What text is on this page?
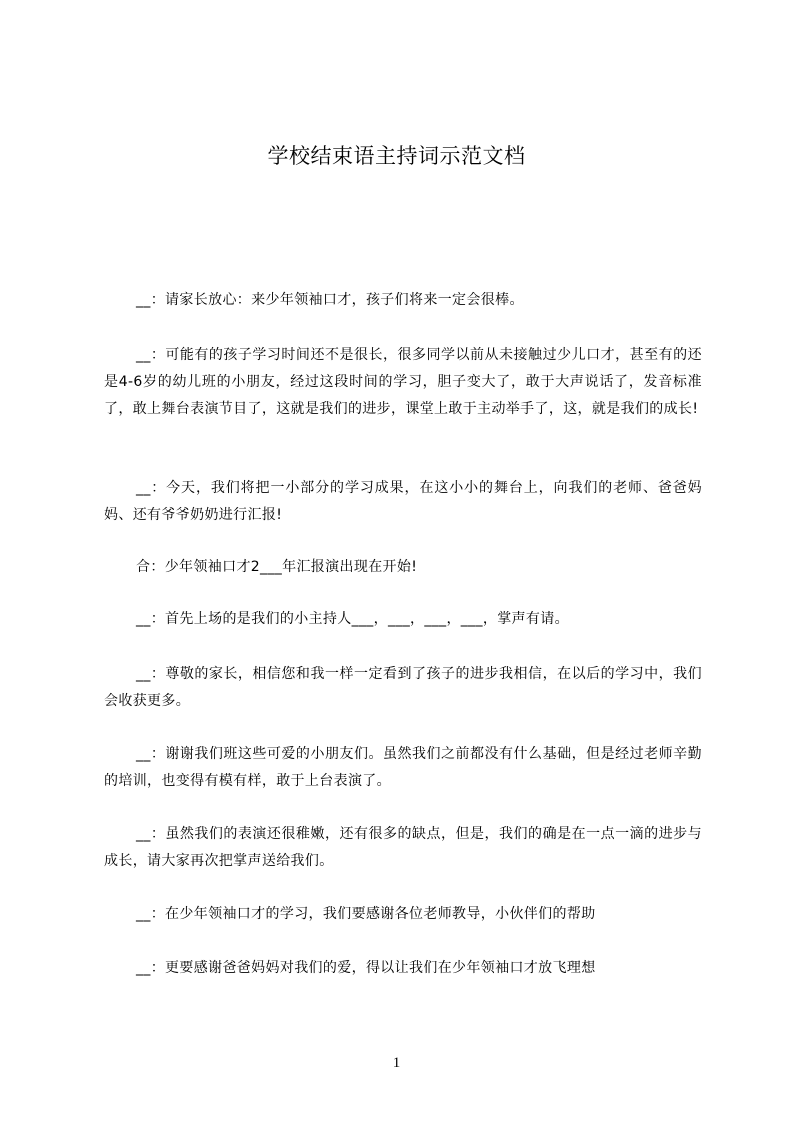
学校结束语主持词示范文档

__：请家长放心：来少年领袖口才，孩子们将来一定会很棒。

__：可能有的孩子学习时间还不是很长，很多同学以前从未接触过少儿口才，甚至有的还是4-6岁的幼儿班的小朋友，经过这段时间的学习，胆子变大了，敢于大声说话了，发音标准了，敢上舞台表演节目了，这就是我们的进步，课堂上敢于主动举手了，这，就是我们的成长!

__：今天，我们将把一小部分的学习成果，在这小小的舞台上，向我们的老师、爸爸妈妈、还有爷爷奶奶进行汇报!

合：少年领袖口才2___年汇报演出现在开始!

__：首先上场的是我们的小主持人___，___，___，___，掌声有请。

__：尊敬的家长，相信您和我一样一定看到了孩子的进步我相信，在以后的学习中，我们会收获更多。

__：谢谢我们班这些可爱的小朋友们。虽然我们之前都没有什么基础，但是经过老师辛勤的培训，也变得有模有样，敢于上台表演了。

__：虽然我们的表演还很稚嫩，还有很多的缺点，但是，我们的确是在一点一滴的进步与成长，请大家再次把掌声送给我们。

__：在少年领袖口才的学习，我们要感谢各位老师教导，小伙伴们的帮助

__：更要感谢爸爸妈妈对我们的爱，得以让我们在少年领袖口才放飞理想

1
